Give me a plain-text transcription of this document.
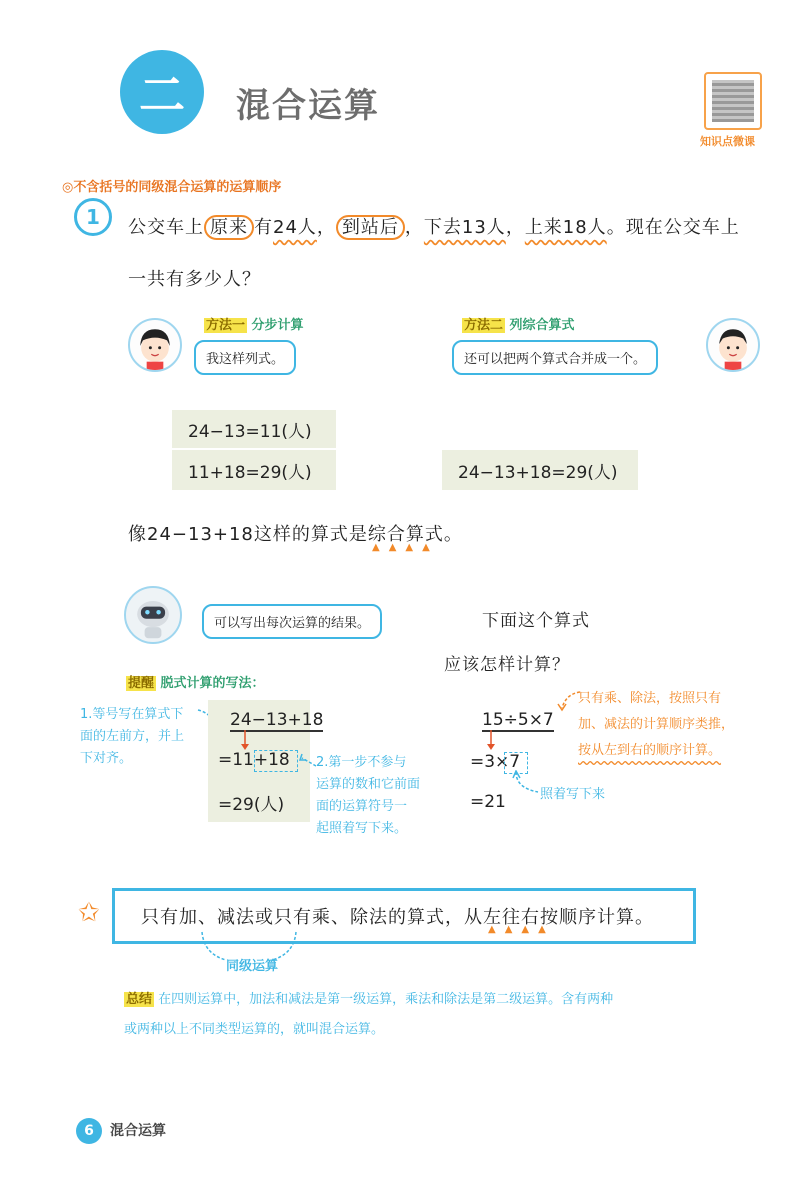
二	混合运算
知识点微课
◎不含括号的同级混合运算的运算顺序
1	公交车上 原来 有24人， 到站后 ，下去13人，上来18人。现在公交车上
一共有多少人？
方法一 分步计算
我这样列式。
方法二 列综合算式
还可以把两个算式合并成一个。
24−13=11(人)
11+18=29(人)	24−13+18=29(人)
像24−13+18这样的算式是综合算式。
▲▲▲▲
可以写出每次运算的结果。	下面这个算式
应该怎样计算？
提醒 脱式计算的写法：
1.等号写在算式下
面的左前方，并上
下对齐。
24−13+18
=11+18
=29(人)
2.第一步不参与
运算的数和它前面
面的运算符号一
起照着写下来。
15÷5×7
=3×7
=21	照着写下来
只有乘、除法，按照只有
加、减法的计算顺序类推，
按从左到右的顺序计算。
✩ 只有加、减法或只有乘、除法的算式， 从左往右 按顺序计算。
▲▲▲▲
同级运算
总结 在四则运算中，加法和减法是第一级运算，乘法和除法是第二级运算。含有两种
或两种以上不同类型运算的，就叫混合运算。
6	混合运算
